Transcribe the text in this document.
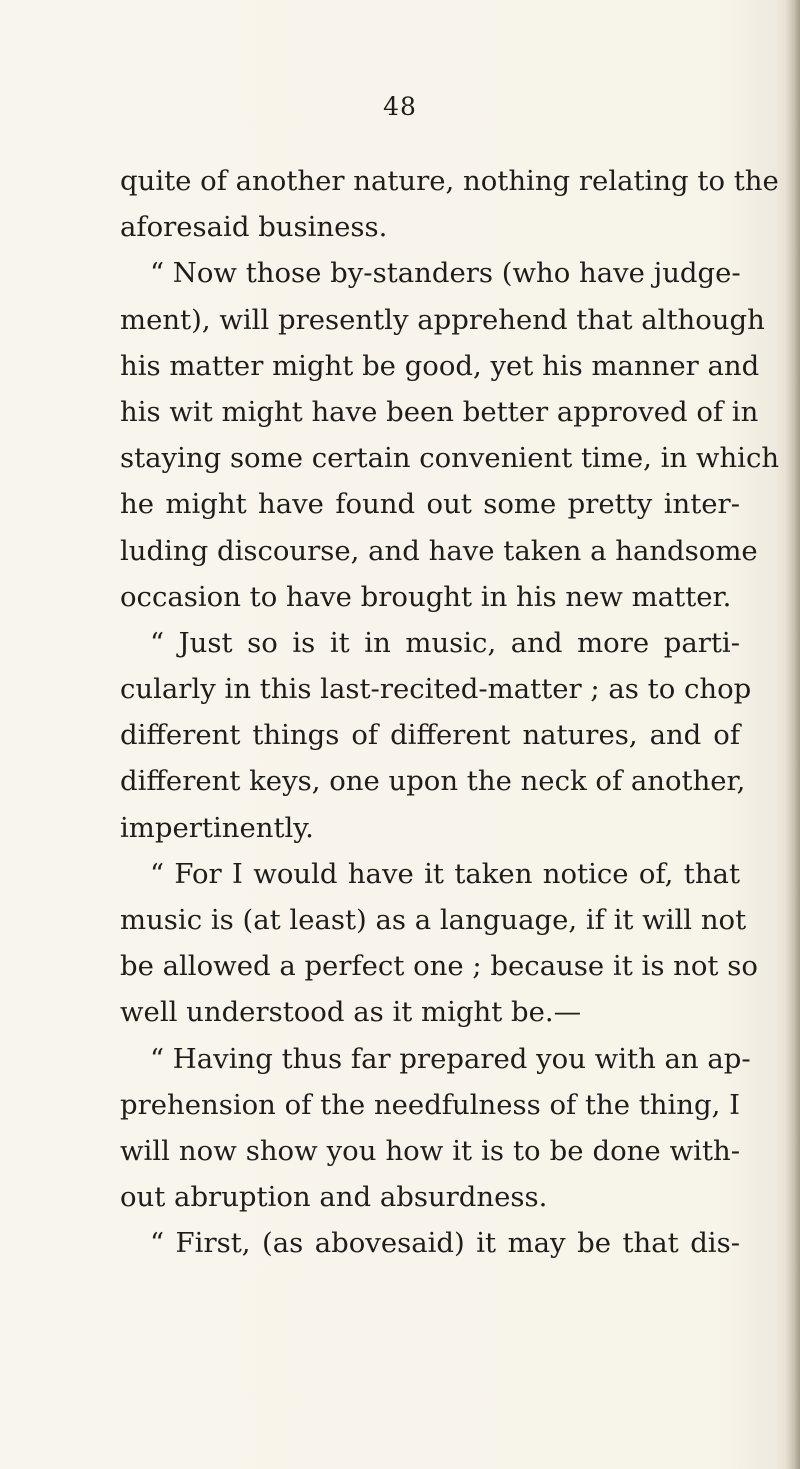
48
quite of another nature, nothing relating to the
aforesaid business.
“ Now those by-standers (who have judge-
ment), will presently apprehend that although
his matter might be good, yet his manner and
his wit might have been better approved of in
staying some certain convenient time, in which
he might have found out some pretty inter-
luding discourse, and have taken a handsome
occasion to have brought in his new matter.
“ Just so is it in music, and more parti-
cularly in this last-recited-matter ; as to chop
different things of different natures, and of
different keys, one upon the neck of another,
impertinently.
“ For I would have it taken notice of, that
music is (at least) as a language, if it will not
be allowed a perfect one ; because it is not so
well understood as it might be.—
“ Having thus far prepared you with an ap-
prehension of the needfulness of the thing, I
will now show you how it is to be done with-
out abruption and absurdness.
“ First, (as abovesaid) it may be that dis-
